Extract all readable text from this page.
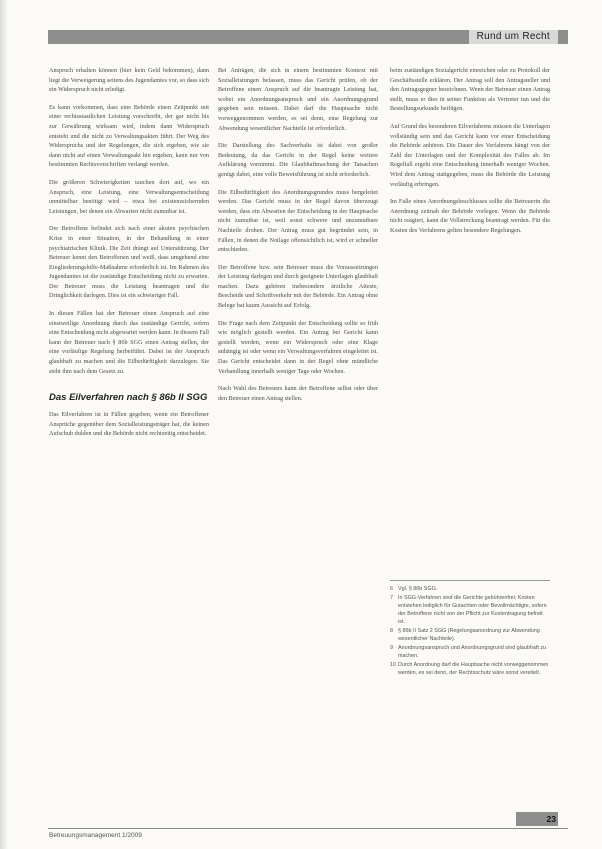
Rund um Recht

Anspruch erhalten können (hier kein Geld bekommen), dann liegt die Verweigerung seitens des Jugendamtes vor, so dass sich ein Widerspruch nicht erledigt.

Es kann vorkommen, dass eine Behörde einen Zeitpunkt mit einer rechtsstaatlichen Leistung vorschreibt, der gar nicht bis zur Gewährung wirksam wird, indem dann Widerspruch entsteht und die nicht zu Verwaltungsakten führt. Der Weg des Widerspruchs und der Regelungen, die sich ergeben, wie sie dann nicht auf einen Verwaltungsakt hin ergehen, kann nur von bestimmten Rechtsvorschriften verlangt werden.

Die größeren Schwierigkeiten tauchen dort auf, wo ein Anspruch, eine Leistung, eine Verwaltungsentscheidung unmittelbar benötigt wird – etwa bei existenzsichernden Leistungen, bei denen ein Abwarten nicht zumutbar ist.

Der Betroffene befindet sich nach einer akuten psychischen Krise in einer Situation, in der Behandlung in einer psychiatrischen Klinik. Die Zeit drängt auf Unterstützung. Der Betreuer kennt den Betroffenen und weiß, dass umgehend eine Eingliederungshilfe-Maßnahme erforderlich ist. Im Rahmen des Jugendamtes ist die zuständige Entscheidung nicht zu erwarten. Der Betreuer muss die Leistung beantragen und die Dringlichkeit darlegen. Dies ist ein schwieriger Fall.

In diesen Fällen hat der Betreuer einen Anspruch auf eine einstweilige Anordnung durch das zuständige Gericht, sofern eine Entscheidung nicht abgewartet werden kann. In diesem Fall kann der Betreuer nach § 86b SGG einen Antrag stellen, der eine vorläufige Regelung herbeiführt. Dabei ist der Anspruch glaubhaft zu machen und die Eilbedürftigkeit darzulegen. Sie steht ihm nach dem Gesetz zu.

Das Eilverfahren nach § 86b II SGG

Das Eilverfahren ist in Fällen gegeben, wenn ein Betroffener Ansprüche gegenüber dem Sozialleistungsträger hat, die keinen Aufschub dulden und die Behörde nicht rechtzeitig entscheidet.

Bei Anträgen, die sich in einem bestimmten Kontext mit Sozialleistungen befassen, muss das Gericht prüfen, ob der Betroffene einen Anspruch auf die beantragte Leistung hat, wobei ein Anordnungsanspruch und ein Anordnungsgrund gegeben sein müssen. Dabei darf die Hauptsache nicht vorweggenommen werden, es sei denn, eine Regelung zur Abwendung wesentlicher Nachteile ist erforderlich.

Die Darstellung des Sachverhalts ist dabei von großer Bedeutung, da das Gericht in der Regel keine weitere Aufklärung vornimmt. Die Glaubhaftmachung der Tatsachen genügt dabei, eine volle Beweisführung ist nicht erforderlich.

Die Eilbedürftigkeit des Anordnungsgrundes muss hergeleitet werden. Das Gericht muss in der Regel davon überzeugt werden, dass ein Abwarten der Entscheidung in der Hauptsache nicht zumutbar ist, weil sonst schwere und unzumutbare Nachteile drohen. Der Antrag muss gut begründet sein, in Fällen, in denen die Notlage offensichtlich ist, wird er schneller entschieden.

Der Betroffene bzw. sein Betreuer muss die Voraussetzungen der Leistung darlegen und durch geeignete Unterlagen glaubhaft machen. Dazu gehören insbesondere ärztliche Atteste, Bescheide und Schriftverkehr mit der Behörde. Ein Antrag ohne Belege hat kaum Aussicht auf Erfolg.

Die Frage nach dem Zeitpunkt der Entscheidung sollte so früh wie möglich gestellt werden. Ein Antrag bei Gericht kann gestellt werden, wenn ein Widerspruch oder eine Klage anhängig ist oder wenn ein Verwaltungsverfahren eingeleitet ist. Das Gericht entscheidet dann in der Regel ohne mündliche Verhandlung innerhalb weniger Tage oder Wochen.

Nach Wahl des Betreuers kann der Betroffene selbst oder über den Betreuer einen Antrag stellen.

beim zuständigen Sozialgericht einreichen oder zu Protokoll der Geschäftsstelle erklären. Der Antrag soll den Antragsteller und den Antragsgegner bezeichnen. Wenn der Betreuer einen Antrag stellt, muss er dies in seiner Funktion als Vertreter tun und die Bestellungsurkunde beifügen.

Auf Grund des besonderen Eilverfahrens müssen die Unterlagen vollständig sein und das Gericht kann vor einer Entscheidung die Behörde anhören. Die Dauer des Verfahrens hängt von der Zahl der Unterlagen und der Komplexität des Falles ab. Im Regelfall ergeht eine Entscheidung innerhalb weniger Wochen. Wird dem Antrag stattgegeben, muss die Behörde die Leistung vorläufig erbringen.

Im Falle eines Anordnungsbeschlusses sollte die Betreuerin die Anordnung zeitnah der Behörde vorlegen. Wenn die Behörde nicht reagiert, kann die Vollstreckung beantragt werden. Für die Kosten des Verfahrens gelten besondere Regelungen.

6 Vgl. § 86b SGG.
7 In SGG-Verfahren sind die Gerichte gebührenfrei; Kosten entstehen lediglich für Gutachten oder Bevollmächtigte, sofern der Betroffene nicht von der Pflicht zur Kostentragung befreit ist.
8 § 86b II Satz 2 SGG (Regelungsanordnung zur Abwendung wesentlicher Nachteile).
9 Anordnungsanspruch und Anordnungsgrund sind glaubhaft zu machen.
10 Durch Anordnung darf die Hauptsache nicht vorweggenommen werden, es sei denn, der Rechtsschutz wäre sonst vereitelt.
Betreuungsmanagement 1/2009
23
